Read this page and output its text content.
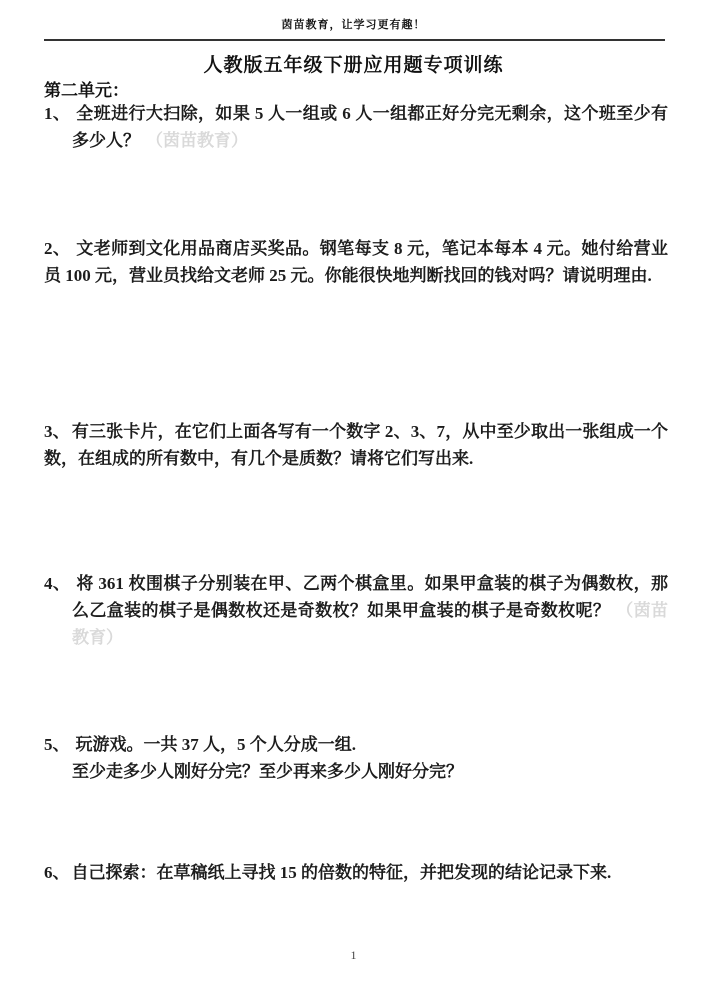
茵苗教育，让学习更有趣！
人教版五年级下册应用题专项训练
第二单元：
1、 全班进行大扫除，如果 5 人一组或 6 人一组都正好分完无剩余，这个班至少有多少人？ （茵苗教育）
2、 文老师到文化用品商店买奖品。钢笔每支 8 元，笔记本每本 4 元。她付给营业员 100 元，营业员找给文老师 25 元。你能很快地判断找回的钱对吗？请说明理由.
3、 有三张卡片，在它们上面各写有一个数字 2、3、7，从中至少取出一张组成一个数，在组成的所有数中，有几个是质数？请将它们写出来.
4、 将 361 枚围棋子分别装在甲、乙两个棋盒里。如果甲盒装的棋子为偶数枚，那么乙盒装的棋子是偶数枚还是奇数枚？如果甲盒装的棋子是奇数枚呢？ （茵苗教育）
5、 玩游戏。一共 37 人，5 个人分成一组.
至少走多少人刚好分完？至少再来多少人刚好分完？
6、 自己探索：在草稿纸上寻找 15 的倍数的特征，并把发现的结论记录下来.
1
